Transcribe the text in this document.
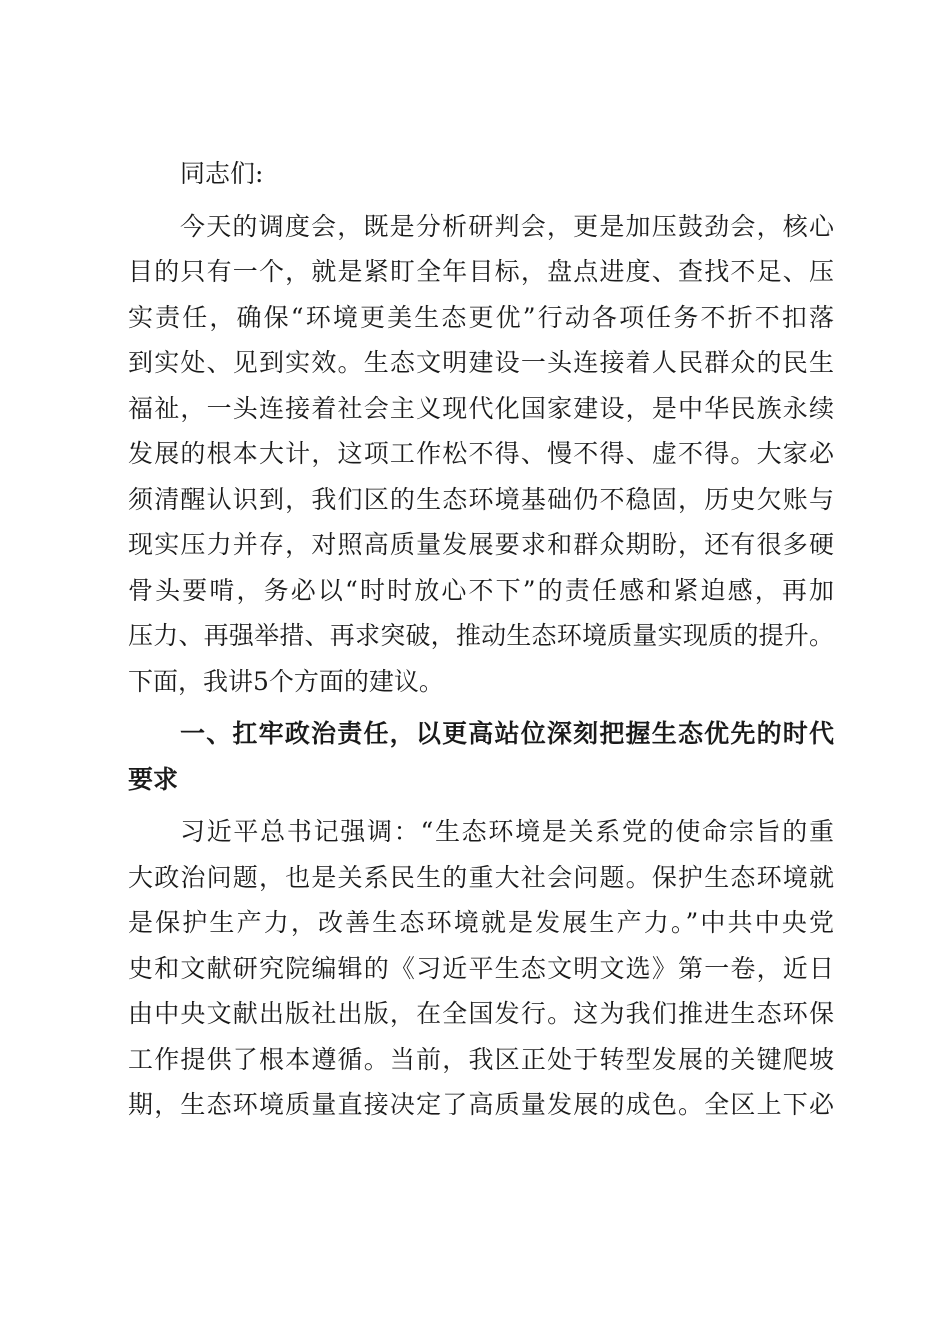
同志们:
今天的调度会，既是分析研判会，更是加压鼓劲会，核心
目的只有一个，就是紧盯全年目标，盘点进度、查找不足、压
实责任，确保“环境更美生态更优”行动各项任务不折不扣落
到实处、见到实效。生态文明建设一头连接着人民群众的民生
福祉，一头连接着社会主义现代化国家建设，是中华民族永续
发展的根本大计，这项工作松不得、慢不得、虚不得。大家必
须清醒认识到，我们区的生态环境基础仍不稳固，历史欠账与
现实压力并存，对照高质量发展要求和群众期盼，还有很多硬
骨头要啃，务必以“时时放心不下”的责任感和紧迫感，再加
压力、再强举措、再求突破，推动生态环境质量实现质的提升。
下面，我讲5个方面的建议。
一、扛牢政治责任，以更高站位深刻把握生态优先的时代
要求
习近平总书记强调：“生态环境是关系党的使命宗旨的重
大政治问题，也是关系民生的重大社会问题。保护生态环境就
是保护生产力，改善生态环境就是发展生产力。”中共中央党
史和文献研究院编辑的《习近平生态文明文选》第一卷，近日
由中央文献出版社出版，在全国发行。这为我们推进生态环保
工作提供了根本遵循。当前，我区正处于转型发展的关键爬坡
期，生态环境质量直接决定了高质量发展的成色。全区上下必
